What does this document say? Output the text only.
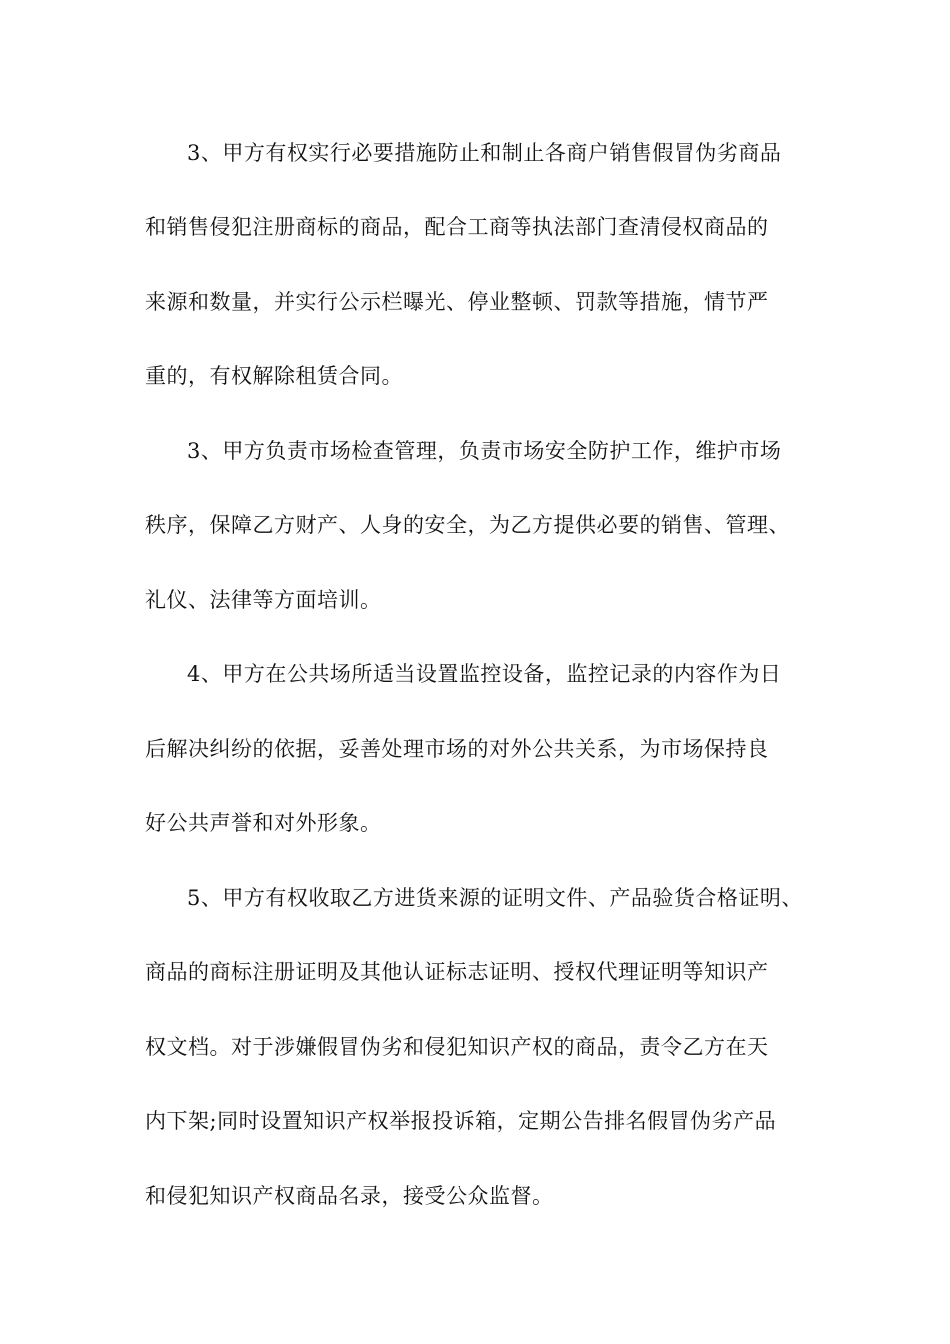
3、甲方有权实行必要措施防止和制止各商户销售假冒伪劣商品
和销售侵犯注册商标的商品，配合工商等执法部门查清侵权商品的
来源和数量，并实行公示栏曝光、停业整顿、罚款等措施，情节严
重的，有权解除租赁合同。
3、甲方负责市场检查管理，负责市场安全防护工作，维护市场
秩序，保障乙方财产、人身的安全，为乙方提供必要的销售、管理、
礼仪、法律等方面培训。
4、甲方在公共场所适当设置监控设备，监控记录的内容作为日
后解决纠纷的依据，妥善处理市场的对外公共关系，为市场保持良
好公共声誉和对外形象。
5、甲方有权收取乙方进货来源的证明文件、产品验货合格证明、
商品的商标注册证明及其他认证标志证明、授权代理证明等知识产
权文档。对于涉嫌假冒伪劣和侵犯知识产权的商品，责令乙方在天
内下架;同时设置知识产权举报投诉箱，定期公告排名假冒伪劣产品
和侵犯知识产权商品名录，接受公众监督。
